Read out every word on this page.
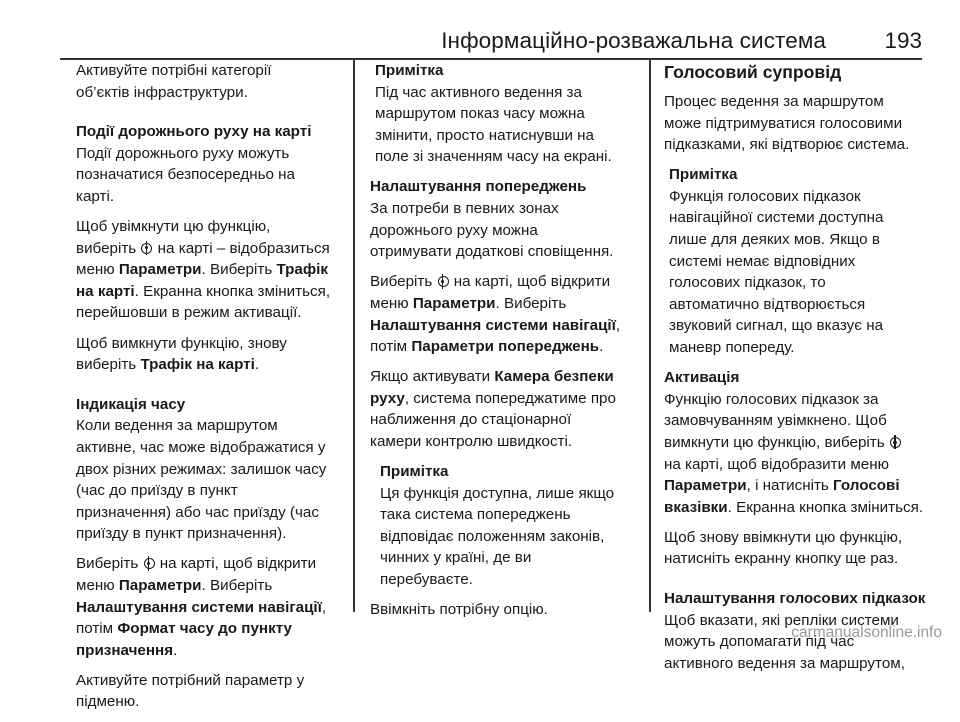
Інформаційно-розважальна система	193

Активуйте потрібні категорії
об’єктів інфраструктури.

Події дорожнього руху на карті

Події дорожнього руху можуть
позначатися безпосередньо на
карті.

Щоб увімкнути цю функцію,
виберіть  на карті – відобразиться
меню Параметри. Виберіть Трафік
на карті. Екранна кнопка зміниться,
перейшовши в режим активації.

Щоб вимкнути функцію, знову
виберіть Трафік на карті.

Індикація часу

Коли ведення за маршрутом
активне, час може відображатися у
двох різних режимах: залишок часу
(час до приїзду в пункт
призначення) або час приїзду (час
приїзду в пункт призначення).

Виберіть  на карті, щоб відкрити
меню Параметри. Виберіть
Налаштування системи навігації,
потім Формат часу до пункту
призначення.

Активуйте потрібний параметр у
підменю.

Примітка

Під час активного ведення за
маршрутом показ часу можна
змінити, просто натиснувши на
поле зі значенням часу на екрані.

Налаштування попереджень

За потреби в певних зонах
дорожнього руху можна
отримувати додаткові сповіщення.

Виберіть  на карті, щоб відкрити
меню Параметри. Виберіть
Налаштування системи навігації,
потім Параметри попереджень.

Якщо активувати Камера безпеки
руху, система попереджатиме про
наближення до стаціонарної
камери контролю швидкості.

Примітка

Ця функція доступна, лише якщо
така система попереджень
відповідає положенням законів,
чинних у країні, де ви
перебуваєте.

Ввімкніть потрібну опцію.

Голосовий супровід

Процес ведення за маршрутом
може підтримуватися голосовими
підказками, які відтворює система.

Примітка

Функція голосових підказок
навігаційної системи доступна
лише для деяких мов. Якщо в
системі немає відповідних
голосових підказок, то
автоматично відтворюється
звуковий сигнал, що вказує на
маневр попереду.

Активація

Функцію голосових підказок за
замовчуванням увімкнено. Щоб
вимкнути цю функцію, виберіть
на карті, щоб відобразити меню
Параметри, і натисніть Голосові
вказівки. Екранна кнопка зміниться.

Щоб знову ввімкнути цю функцію,
натисніть екранну кнопку ще раз.

Налаштування голосових підказок

Щоб вказати, які репліки системи
можуть допомагати під час
активного ведення за маршрутом,

carmanualsonline.info
